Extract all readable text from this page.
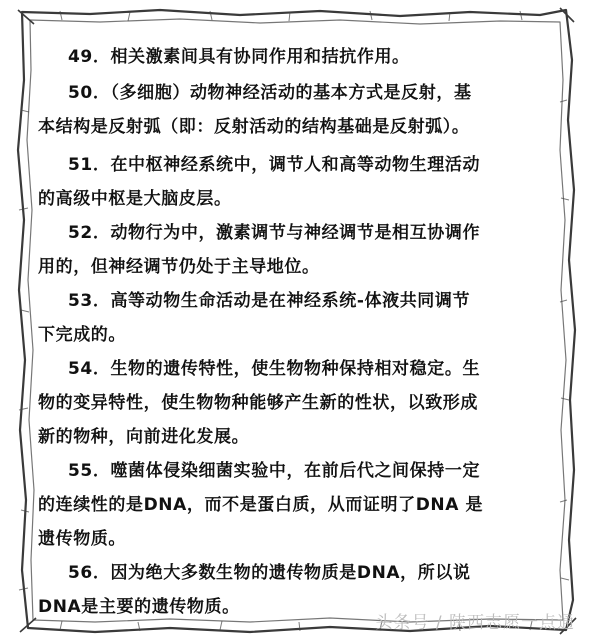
49．相关激素间具有协同作用和拮抗作用。
50．（多细胞）动物神经活动的基本方式是反射，基
本结构是反射弧（即：反射活动的结构基础是反射弧）。
51．在中枢神经系统中，调节人和高等动物生理活动
的高级中枢是大脑皮层。
52．动物行为中，激素调节与神经调节是相互协调作
用的，但神经调节仍处于主导地位。
53．高等动物生命活动是在神经系统-体液共同调节
下完成的。
54．生物的遗传特性，使生物物种保持相对稳定。生
物的变异特性，使生物物种能够产生新的性状，以致形成
新的物种，向前进化发展。
55．噬菌体侵染细菌实验中，在前后代之间保持一定
的连续性的是DNA，而不是蛋白质，从而证明了DNA 是
遗传物质。
56．因为绝大多数生物的遗传物质是DNA，所以说
DNA是主要的遗传物质。
头条号 / 陕西志愿一点通
